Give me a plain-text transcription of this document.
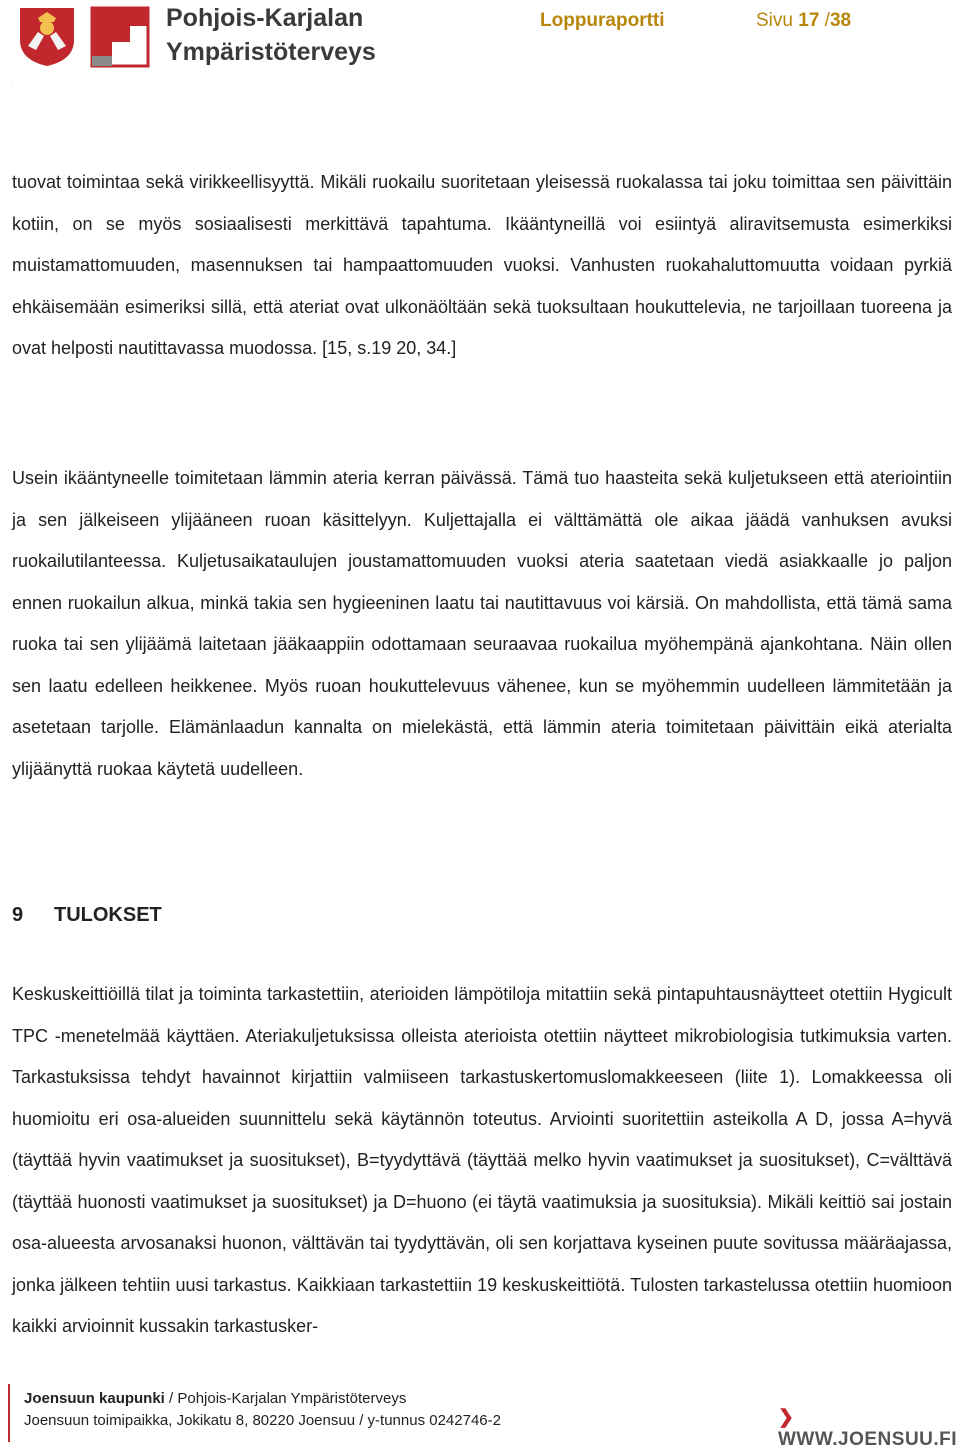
Pohjois-Karjalan
Ympäristöterveys
Loppuraportti	Sivu 17 /38
.

tuovat toimintaa sekä virikkeellisyyttä. Mikäli ruokailu suoritetaan yleisessä ruokalassa tai joku toimittaa sen päivittäin kotiin, on se myös sosiaalisesti merkittävä tapahtuma. Ikääntyneillä voi esiintyä aliravitsemusta esimerkiksi muistamattomuuden, masennuksen tai hampaattomuuden vuoksi. Vanhusten ruokahaluttomuutta voidaan pyrkiä ehkäisemään esimeriksi sillä, että ateriat ovat ulkonäöltään sekä tuoksultaan houkuttelevia, ne tarjoillaan tuoreena ja ovat helposti nautittavassa muodossa. [15, s.19 20, 34.]

Usein ikääntyneelle toimitetaan lämmin ateria kerran päivässä. Tämä tuo haasteita sekä kuljetukseen että ateriointiin ja sen jälkeiseen ylijääneen ruoan käsittelyyn. Kuljettajalla ei välttämättä ole aikaa jäädä vanhuksen avuksi ruokailutilanteessa. Kuljetusaikataulujen joustamattomuuden vuoksi ateria saatetaan viedä asiakkaalle jo paljon ennen ruokailun alkua, minkä takia sen hygieeninen laatu tai nautittavuus voi kärsiä. On mahdollista, että tämä sama ruoka tai sen ylijäämä laitetaan jääkaappiin odottamaan seuraavaa ruokailua myöhempänä ajankohtana. Näin ollen sen laatu edelleen heikkenee. Myös ruoan houkuttelevuus vähenee, kun se myöhemmin uudelleen lämmitetään ja asetetaan tarjolle. Elämänlaadun kannalta on mielekästä, että lämmin ateria toimitetaan päivittäin eikä aterialta ylijäänyttä ruokaa käytetä uudelleen.

9 TULOKSET

Keskuskeittiöillä tilat ja toiminta tarkastettiin, aterioiden lämpötiloja mitattiin sekä pintapuhtausnäytteet otettiin Hygicult TPC -menetelmää käyttäen. Ateriakuljetuksissa olleista aterioista otettiin näytteet mikrobiologisia tutkimuksia varten. Tarkastuksissa tehdyt havainnot kirjattiin valmiiseen tarkastuskertomuslomakkeeseen (liite 1). Lomakkeessa oli huomioitu eri osa-alueiden suunnittelu sekä käytännön toteutus. Arviointi suoritettiin asteikolla A D, jossa A=hyvä (täyttää hyvin vaatimukset ja suositukset), B=tyydyttävä (täyttää melko hyvin vaatimukset ja suositukset), C=välttävä (täyttää huonosti vaatimukset ja suositukset) ja D=huono (ei täytä vaatimuksia ja suosituksia). Mikäli keittiö sai jostain osa-alueesta arvosanaksi huonon, välttävän tai tyydyttävän, oli sen korjattava kyseinen puute sovitussa määräajassa, jonka jälkeen tehtiin uusi tarkastus. Kaikkiaan tarkastettiin 19 keskuskeittiötä. Tulosten tarkastelussa otettiin huomioon kaikki arvioinnit kussakin tarkastusker-

Joensuun kaupunki / Pohjois-Karjalan Ympäristöterveys
Joensuun toimipaikka, Jokikatu 8, 80220 Joensuu / y-tunnus 0242746-2	❯WWW.JOENSUU.FI
